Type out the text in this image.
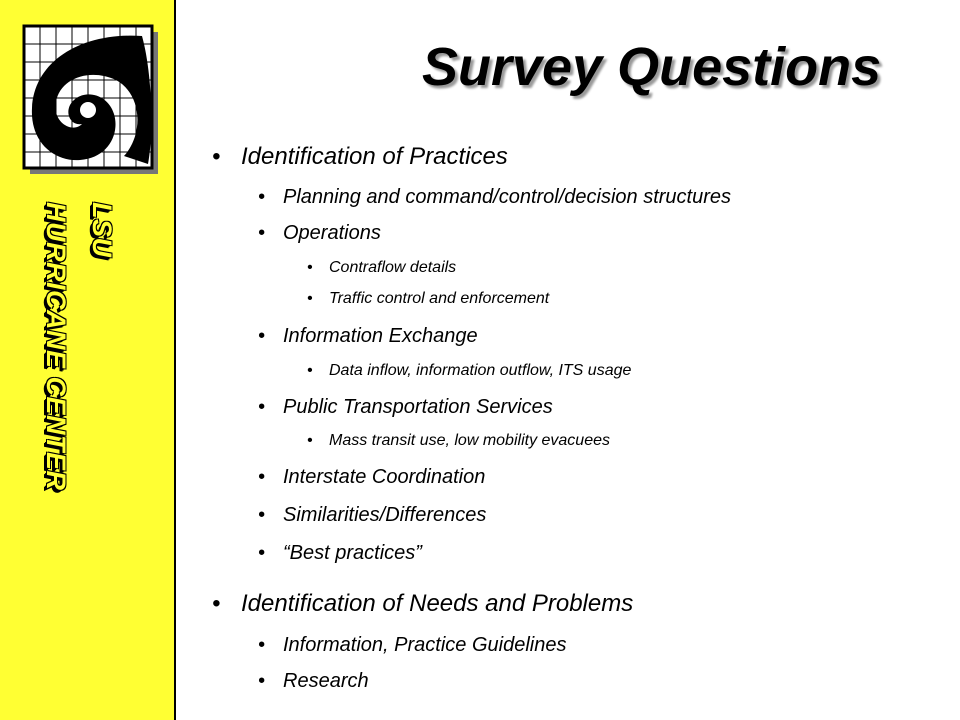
LSU
HURRICANE CENTER
Survey Questions
• Identification of Practices
• Planning and command/control/decision structures
• Operations
• Contraflow details
• Traffic control and enforcement
• Information Exchange
• Data inflow, information outflow, ITS usage
• Public Transportation Services
• Mass transit use, low mobility evacuees
• Interstate Coordination
• Similarities/Differences
• “Best practices”
• Identification of Needs and Problems
• Information, Practice Guidelines
• Research
